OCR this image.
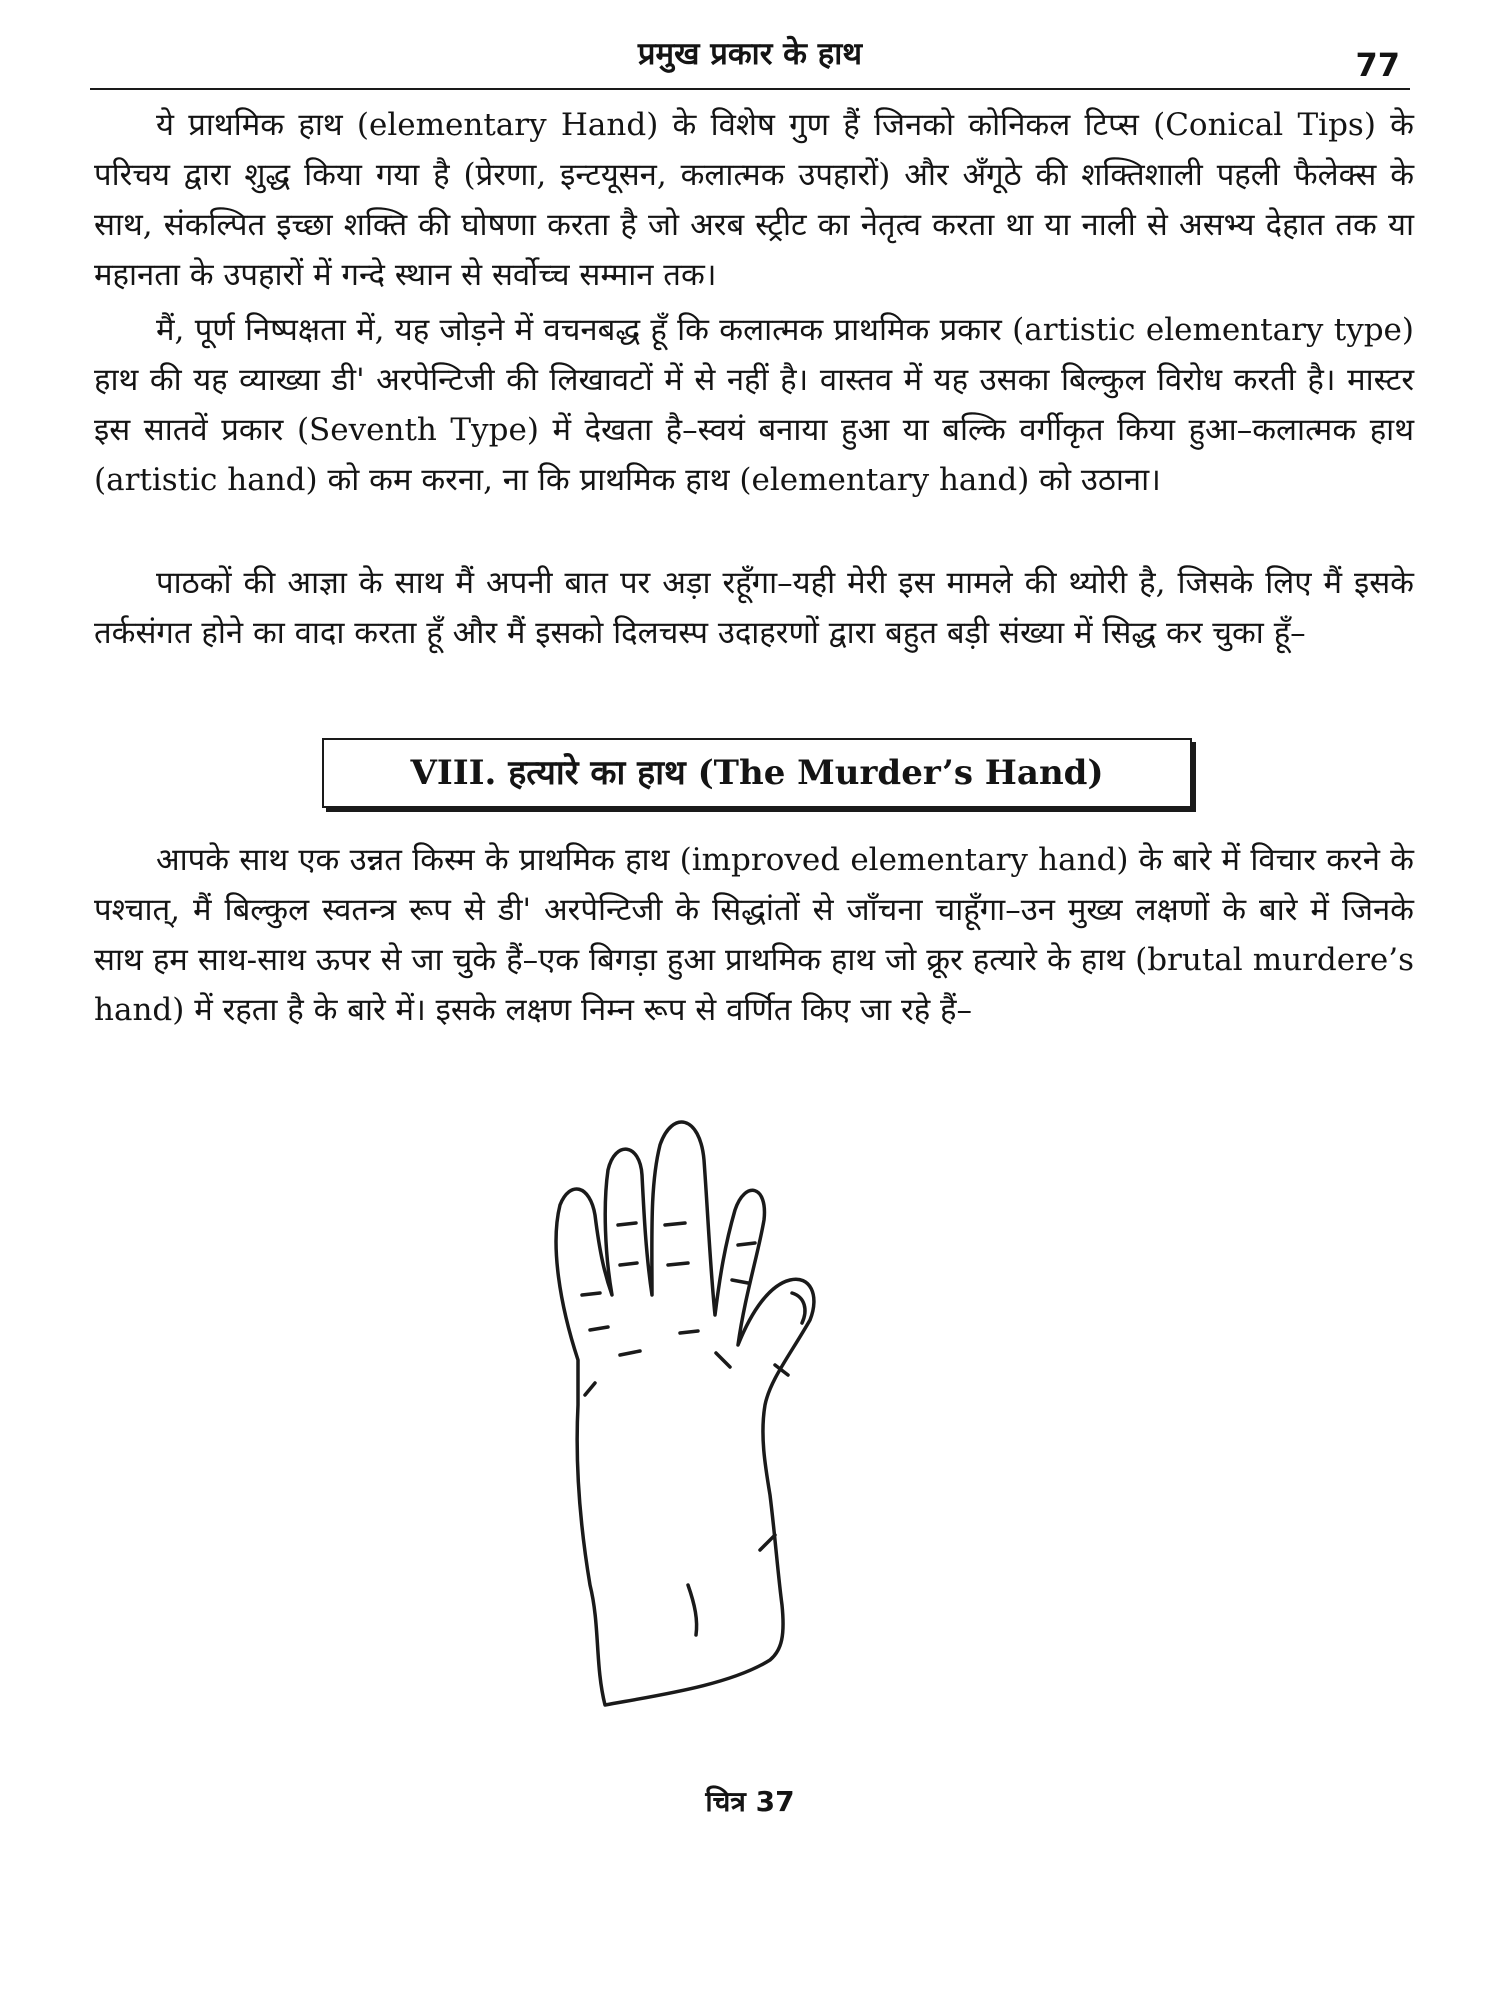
प्रमुख प्रकार के हाथ	77

ये प्राथमिक हाथ (elementary Hand) के विशेष गुण हैं जिनको कोनिकल टिप्स (Conical Tips) के परिचय द्वारा शुद्ध किया गया है (प्रेरणा, इन्टयूसन, कलात्मक उपहारों) और अँगूठे की शक्तिशाली पहली फैलेक्स के साथ, संकल्पित इच्छा शक्ति की घोषणा करता है जो अरब स्ट्रीट का नेतृत्व करता था या नाली से असभ्य देहात तक या महानता के उपहारों में गन्दे स्थान से सर्वोच्च सम्मान तक।

मैं, पूर्ण निष्पक्षता में, यह जोड़ने में वचनबद्ध हूँ कि कलात्मक प्राथमिक प्रकार (artistic elementary type) हाथ की यह व्याख्या डी' अरपेन्टिजी की लिखावटों में से नहीं है। वास्तव में यह उसका बिल्कुल विरोध करती है। मास्टर इस सातवें प्रकार (Seventh Type) में देखता है–स्वयं बनाया हुआ या बल्कि वर्गीकृत किया हुआ–कलात्मक हाथ (artistic hand) को कम करना, ना कि प्राथमिक हाथ (elementary hand) को उठाना।

पाठकों की आज्ञा के साथ मैं अपनी बात पर अड़ा रहूँगा–यही मेरी इस मामले की थ्योरी है, जिसके लिए मैं इसके तर्कसंगत होने का वादा करता हूँ और मैं इसको दिलचस्प उदाहरणों द्वारा बहुत बड़ी संख्या में सिद्ध कर चुका हूँ–

VIII. हत्यारे का हाथ (The Murder’s Hand)

आपके साथ एक उन्नत किस्म के प्राथमिक हाथ (improved elementary hand) के बारे में विचार करने के पश्चात्, मैं बिल्कुल स्वतन्त्र रूप से डी' अरपेन्टिजी के सिद्धांतों से जाँचना चाहूँगा–उन मुख्य लक्षणों के बारे में जिनके साथ हम साथ-साथ ऊपर से जा चुके हैं–एक बिगड़ा हुआ प्राथमिक हाथ जो क्रूर हत्यारे के हाथ (brutal murdere’s hand) में रहता है के बारे में। इसके लक्षण निम्न रूप से वर्णित किए जा रहे हैं–

चित्र 37
